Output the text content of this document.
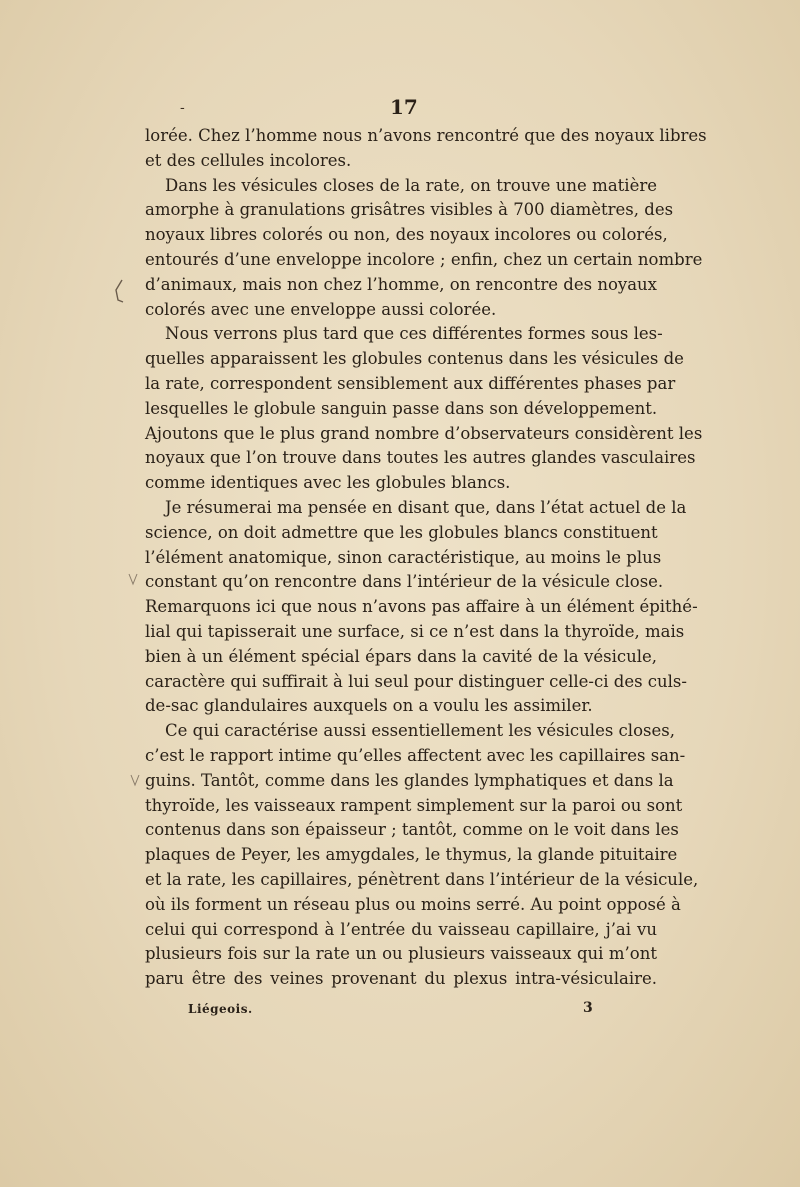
-	17
lorée. Chez l’homme nous n’avons rencontré que des noyaux libres
et des cellules incolores.
Dans les vésicules closes de la rate, on trouve une matière
amorphe à granulations grisâtres visibles à 700 diamètres, des
noyaux libres colorés ou non, des noyaux incolores ou colorés,
entourés d’une enveloppe incolore ; enfin, chez un certain nombre
d’animaux, mais non chez l’homme, on rencontre des noyaux
colorés avec une enveloppe aussi colorée.
Nous verrons plus tard que ces différentes formes sous les-
quelles apparaissent les globules contenus dans les vésicules de
la rate, correspondent sensiblement aux différentes phases par
lesquelles le globule sanguin passe dans son développement.
Ajoutons que le plus grand nombre d’observateurs considèrent les
noyaux que l’on trouve dans toutes les autres glandes vasculaires
comme identiques avec les globules blancs.
Je résumerai ma pensée en disant que, dans l’état actuel de la
science, on doit admettre que les globules blancs constituent
l’élément anatomique, sinon caractéristique, au moins le plus
constant qu’on rencontre dans l’intérieur de la vésicule close.
Remarquons ici que nous n’avons pas affaire à un élément épithé-
lial qui tapisserait une surface, si ce n’est dans la thyroïde, mais
bien à un élément spécial épars dans la cavité de la vésicule,
caractère qui suffirait à lui seul pour distinguer celle-ci des culs-
de-sac glandulaires auxquels on a voulu les assimiler.
Ce qui caractérise aussi essentiellement les vésicules closes,
c’est le rapport intime qu’elles affectent avec les capillaires san-
guins. Tantôt, comme dans les glandes lymphatiques et dans la
thyroïde, les vaisseaux rampent simplement sur la paroi ou sont
contenus dans son épaisseur ; tantôt, comme on le voit dans les
plaques de Peyer, les amygdales, le thymus, la glande pituitaire
et la rate, les capillaires, pénètrent dans l’intérieur de la vésicule,
où ils forment un réseau plus ou moins serré. Au point opposé à
celui qui correspond à l’entrée du vaisseau capillaire, j’ai vu
plusieurs fois sur la rate un ou plusieurs vaisseaux qui m’ont
paru être des veines provenant du plexus intra-vésiculaire.
Liégeois.	3
